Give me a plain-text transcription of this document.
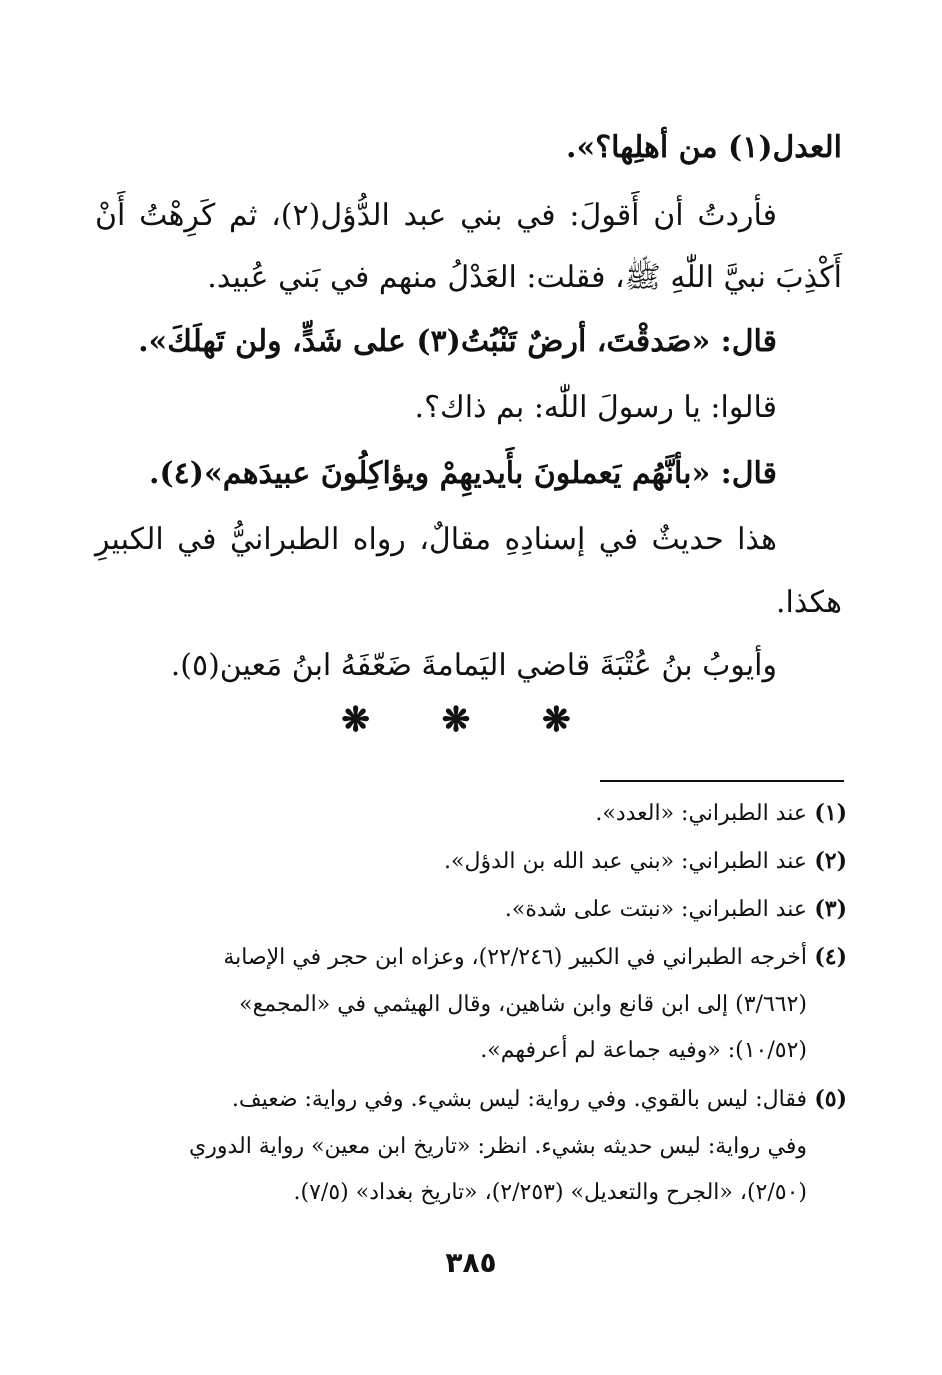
العدل(١) من أهلِها؟».
فأردتُ أن أَقولَ: في بني عبد الدُّؤل(٢)، ثم كَرِهْتُ أَنْ
أَكْذِبَ نبيَّ اللّٰهِ ﷺ، فقلت: العَدْلُ منهم في بَني عُبيد.
قال: «صَدقْتَ، أرضٌ تَنْبُتُ(٣) على شَدٍّ، ولن تَهلَكَ».
قالوا: يا رسولَ اللّٰه: بم ذاك؟.
قال: «بأنَّهُم يَعملونَ بأَيديهِمْ ويؤاكِلُونَ عبيدَهم»(٤).
هذا حديثٌ في إسنادِهِ مقالٌ، رواه الطبرانيُّ في الكبيرِ
هكذا.
وأيوبُ بنُ عُتْبَةَ قاضي اليَمامةَ ضَعّفَهُ ابنُ مَعين(٥).
❋ ❋ ❋
(١)عند الطبراني: «العدد».
(٢)عند الطبراني: «بني عبد الله بن الدؤل».
(٣)عند الطبراني: «نبتت على شدة».
(٤)أخرجه الطبراني في الكبير (٢٢/٢٤٦)، وعزاه ابن حجر في الإصابة
(٣/٦٦٢) إلى ابن قانع وابن شاهين، وقال الهيثمي في «المجمع»
(١٠/٥٢): «وفيه جماعة لم أعرفهم».
(٥)فقال: ليس بالقوي. وفي رواية: ليس بشيء. وفي رواية: ضعيف.
وفي رواية: ليس حديثه بشيء. انظر: «تاريخ ابن معين» رواية الدوري
(٢/٥٠)، «الجرح والتعديل» (٢/٢٥٣)، «تاريخ بغداد» (٧/٥).
٣٨٥
